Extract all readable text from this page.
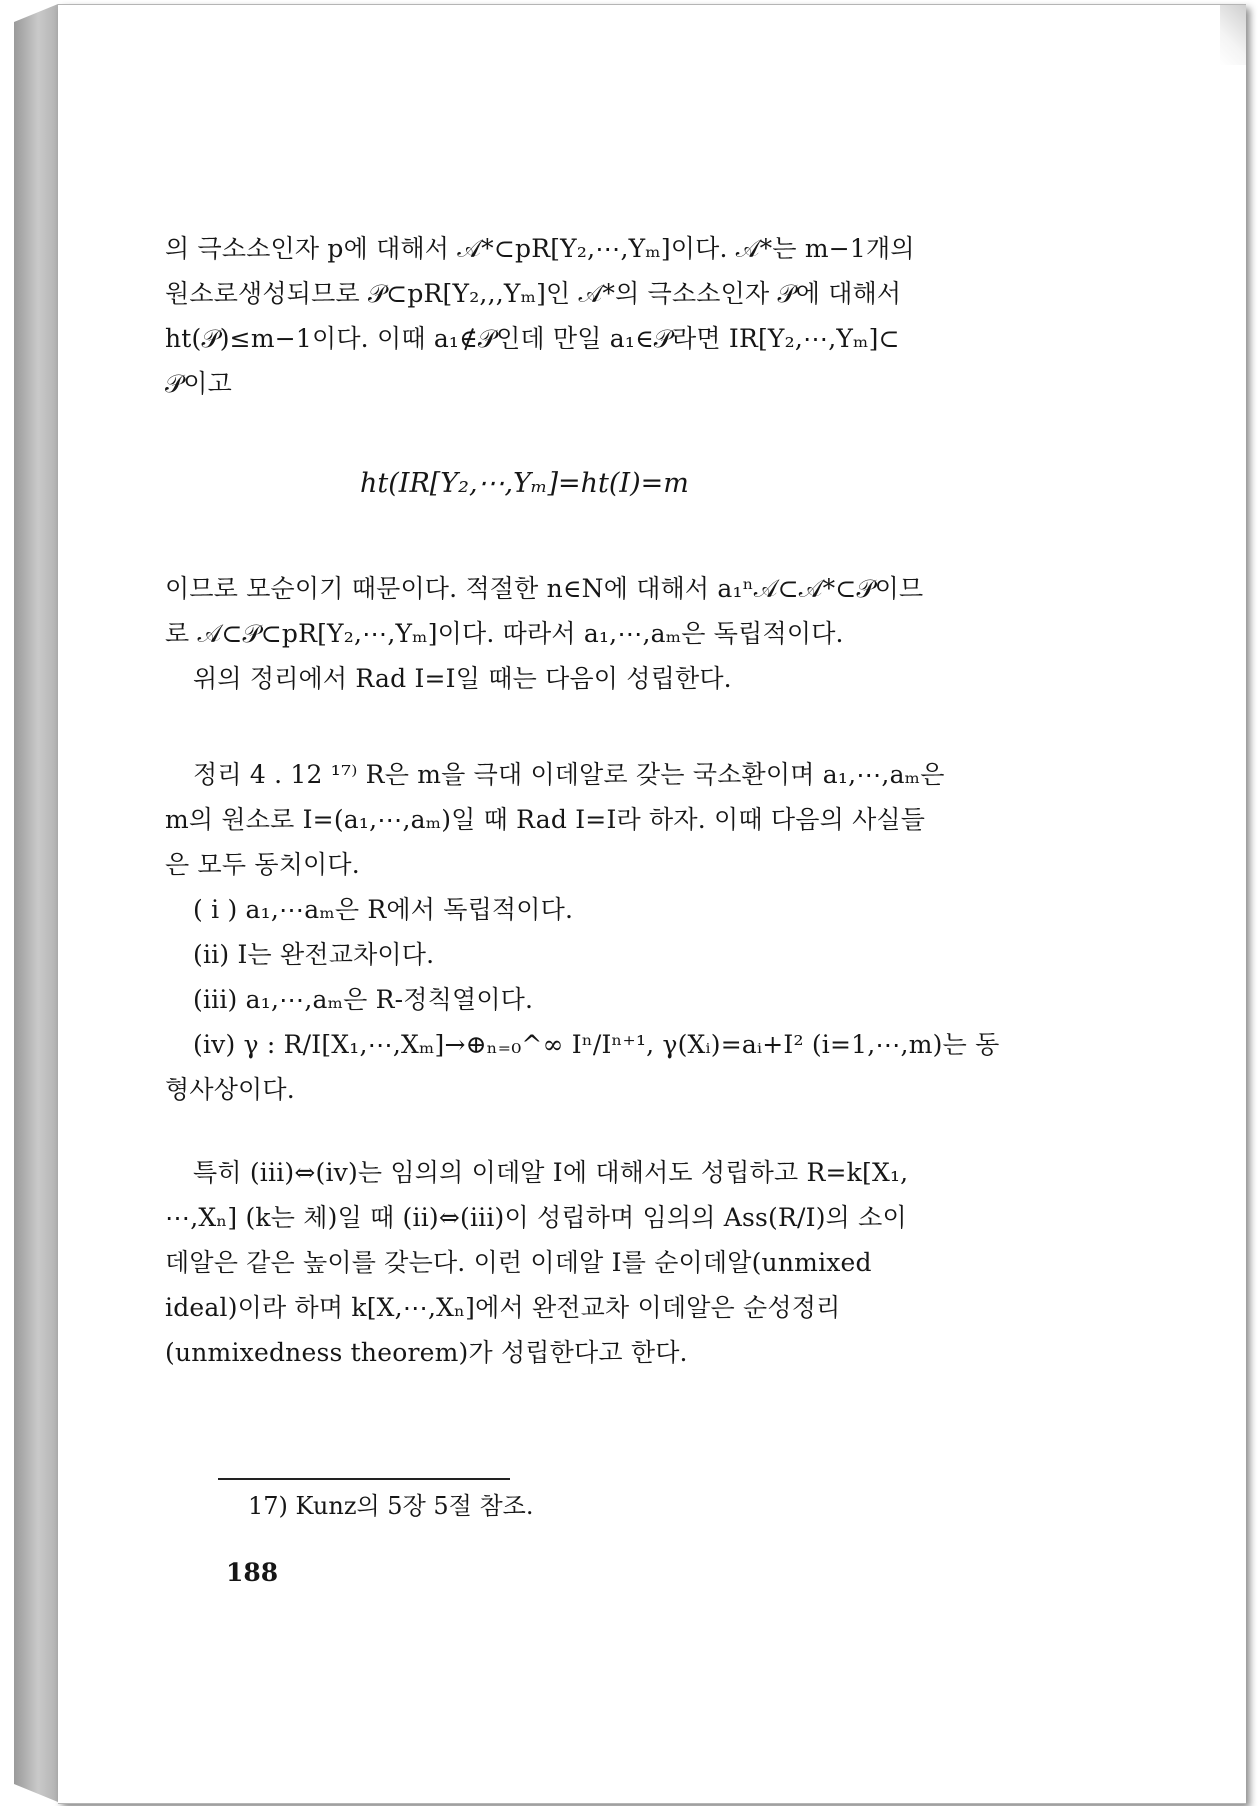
의 극소소인자 p에 대해서 𝒜*⊂pR[Y₂,⋯,Yₘ]이다. 𝒜*는 m−1개의

원소로생성되므로 𝒫⊂pR[Y₂,,,Yₘ]인 𝒜*의 극소소인자 𝒫에 대해서

ht(𝒫)≤m−1이다. 이때 a₁∉𝒫인데 만일 a₁∈𝒫라면 IR[Y₂,⋯,Yₘ]⊂

𝒫이고

ht(IR[Y₂,⋯,Yₘ]=ht(I)=m

이므로 모순이기 때문이다. 적절한 n∈N에 대해서 a₁ⁿ𝒜⊂𝒜*⊂𝒫이므

로 𝒜⊂𝒫⊂pR[Y₂,⋯,Yₘ]이다. 따라서 a₁,⋯,aₘ은 독립적이다.

위의 정리에서 Rad I=I일 때는 다음이 성립한다.

정리 4 . 12 ¹⁷⁾ R은 m을 극대 이데알로 갖는 국소환이며 a₁,⋯,aₘ은

m의 원소로 I=(a₁,⋯,aₘ)일 때 Rad I=I라 하자. 이때 다음의 사실들

은 모두 동치이다.

( i ) a₁,⋯aₘ은 R에서 독립적이다.

(ii) I는 완전교차이다.

(iii) a₁,⋯,aₘ은 R-정칙열이다.

(iv) γ : R/I[X₁,⋯,Xₘ]→⊕ₙ₌₀^∞ Iⁿ/Iⁿ⁺¹, γ(Xᵢ)=aᵢ+I² (i=1,⋯,m)는 동

형사상이다.

특히 (iii)⇔(iv)는 임의의 이데알 I에 대해서도 성립하고 R=k[X₁,

⋯,Xₙ] (k는 체)일 때 (ii)⇔(iii)이 성립하며 임의의 Ass(R/I)의 소이

데알은 같은 높이를 갖는다. 이런 이데알 I를 순이데알(unmixed

ideal)이라 하며 k[X,⋯,Xₙ]에서 완전교차 이데알은 순성정리

(unmixedness theorem)가 성립한다고 한다.

17) Kunz의 5장 5절 참조.
188
